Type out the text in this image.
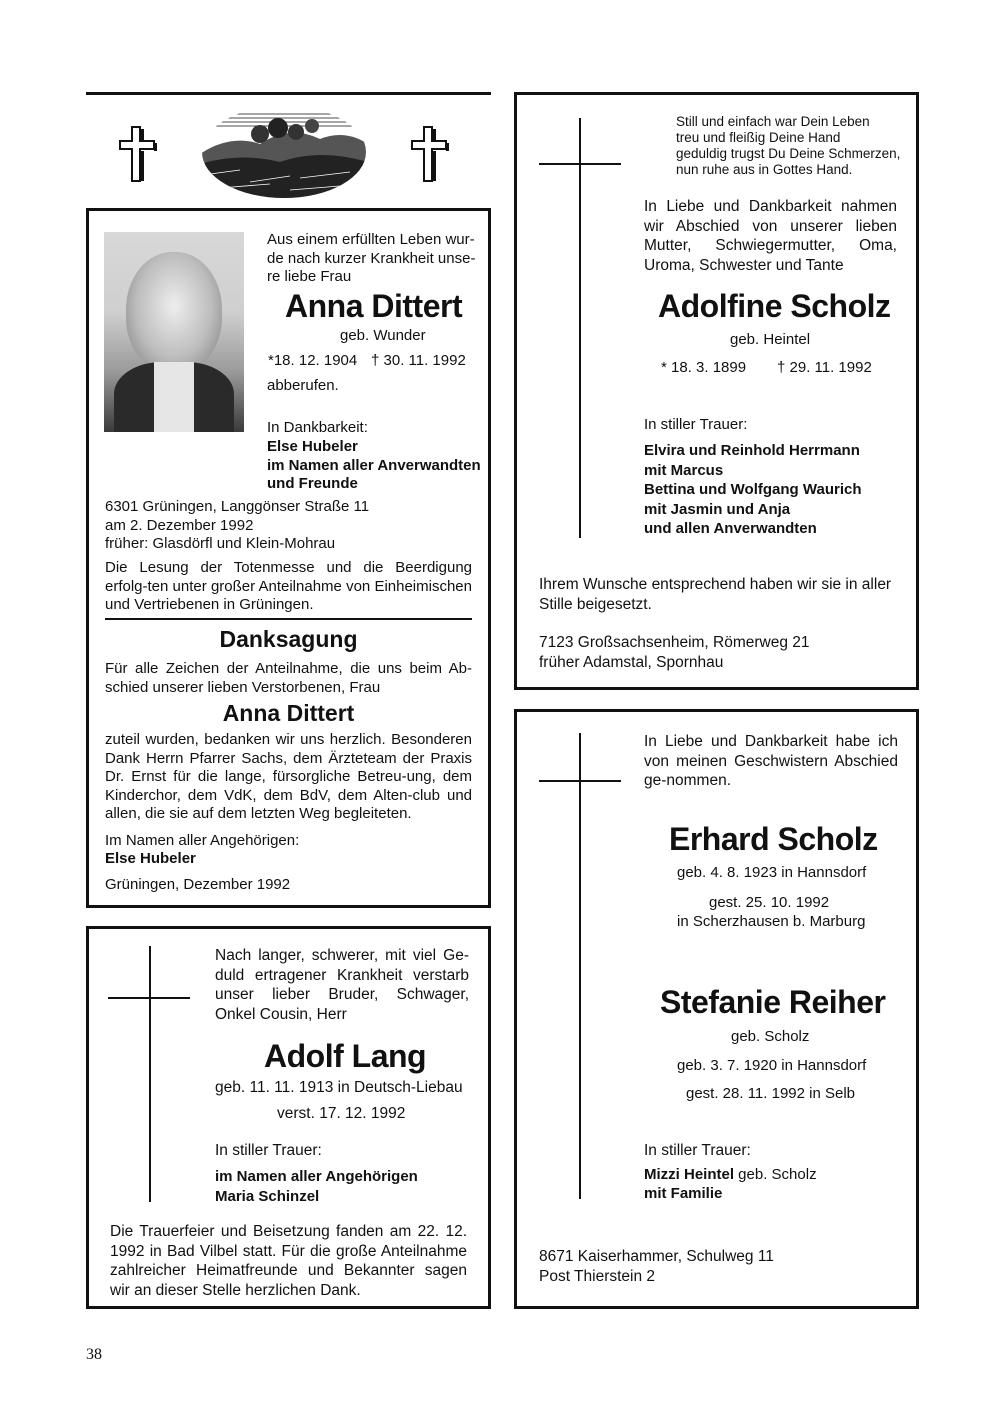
Aus einem erfüllten Leben wur-
de nach kurzer Krankheit unse-
re liebe Frau
Anna Dittert
geb. Wunder
*18. 12. 1904 † 30. 11. 1992
abberufen.
In Dankbarkeit:
Else Hubeler
im Namen aller Anverwandten
und Freunde
6301 Grüningen, Langgönser Straße 11
am 2. Dezember 1992
früher: Glasdörfl und Klein-Mohrau
Die Lesung der Totenmesse und die Beerdigung erfolg-ten unter großer Anteilnahme von Einheimischen und Vertriebenen in Grüningen.
Danksagung
Für alle Zeichen der Anteilnahme, die uns beim Ab-schied unserer lieben Verstorbenen, Frau
Anna Dittert
zuteil wurden, bedanken wir uns herzlich. Besonderen Dank Herrn Pfarrer Sachs, dem Ärzteteam der Praxis Dr. Ernst für die lange, fürsorgliche Betreu-ung, dem Kinderchor, dem VdK, dem BdV, dem Alten-club und allen, die sie auf dem letzten Weg begleiteten.
Im Namen aller Angehörigen:
Else Hubeler
Grüningen, Dezember 1992
Still und einfach war Dein Leben
treu und fleißig Deine Hand
geduldig trugst Du Deine Schmerzen,
nun ruhe aus in Gottes Hand.
In Liebe und Dankbarkeit nahmen wir Abschied von unserer lieben Mutter, Schwiegermutter, Oma, Uroma, Schwester und Tante
Adolfine Scholz
geb. Heintel
* 18. 3. 1899 † 29. 11. 1992
In stiller Trauer:
Elvira und Reinhold Herrmann
mit Marcus
Bettina und Wolfgang Waurich
mit Jasmin und Anja
und allen Anverwandten
Ihrem Wunsche entsprechend haben wir sie in aller Stille beigesetzt.
7123 Großsachsenheim, Römerweg 21
früher Adamstal, Spornhau
Nach langer, schwerer, mit viel Ge-duld ertragener Krankheit verstarb unser lieber Bruder, Schwager, Onkel Cousin, Herr
Adolf Lang
geb. 11. 11. 1913 in Deutsch-Liebau
verst. 17. 12. 1992
In stiller Trauer:
im Namen aller Angehörigen
Maria Schinzel
Die Trauerfeier und Beisetzung fanden am 22. 12. 1992 in Bad Vilbel statt. Für die große Anteilnahme zahlreicher Heimatfreunde und Bekannter sagen wir an dieser Stelle herzlichen Dank.
In Liebe und Dankbarkeit habe ich von meinen Geschwistern Abschied ge-nommen.
Erhard Scholz
geb. 4. 8. 1923 in Hannsdorf
gest. 25. 10. 1992
in Scherzhausen b. Marburg
Stefanie Reiher
geb. Scholz
geb. 3. 7. 1920 in Hannsdorf
gest. 28. 11. 1992 in Selb
In stiller Trauer:
Mizzi Heintel geb. Scholz
mit Familie
8671 Kaiserhammer, Schulweg 11
Post Thierstein 2
38
